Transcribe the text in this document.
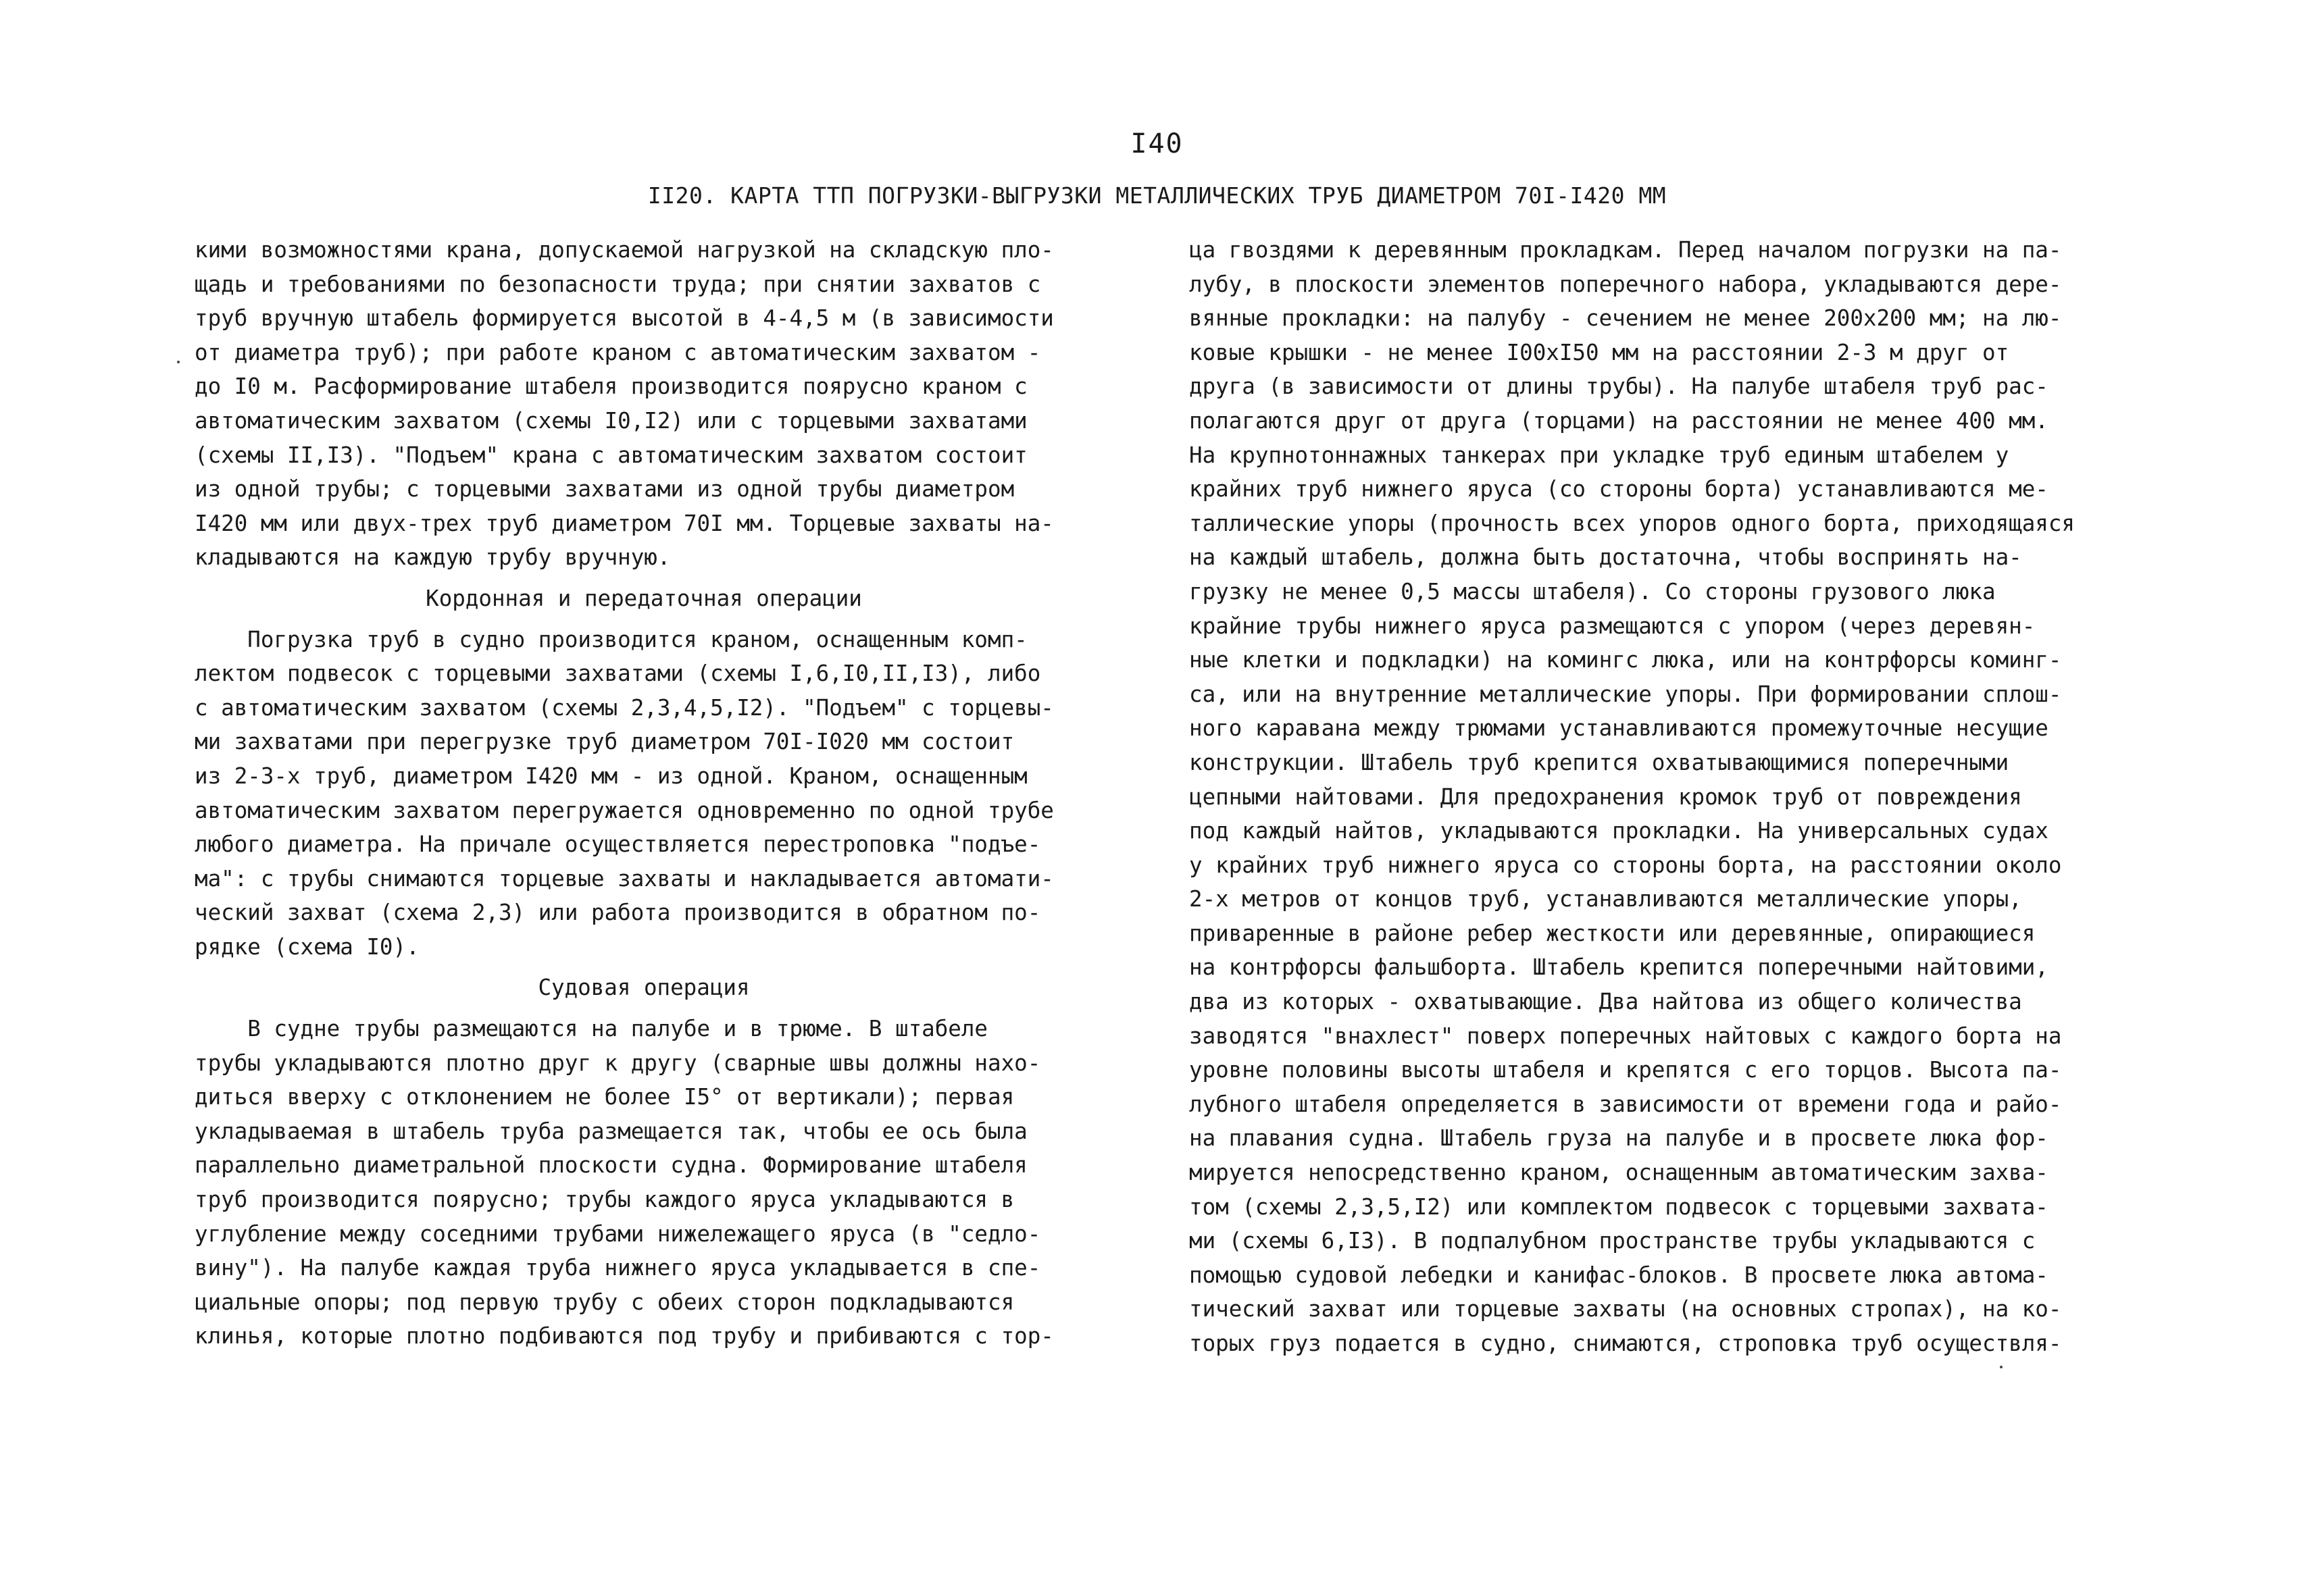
I40
II20. КАРТА ТТП ПОГРУЗКИ-ВЫГРУЗКИ МЕТАЛЛИЧЕСКИХ ТРУБ ДИАМЕТРОМ 70I-I420 ММ
кими возможностями крана, допускаемой нагрузкой на складскую пло-
щадь и требованиями по безопасности труда; при снятии захватов с
труб вручную штабель формируется высотой в 4-4,5 м (в зависимости
от диаметра труб); при работе краном с автоматическим захватом -
до I0 м. Расформирование штабеля производится поярусно краном с
автоматическим захватом (схемы I0,I2) или с торцевыми захватами
(схемы II,I3). "Подъем" крана с автоматическим захватом состоит
из одной трубы; с торцевыми захватами из одной трубы диаметром
I420 мм или двух-трех труб диаметром 70I мм. Торцевые захваты на-
кладываются на каждую трубу вручную.
Кордонная и передаточная операции
Погрузка труб в судно производится краном, оснащенным комп-
лектом подвесок с торцевыми захватами (схемы I,6,I0,II,I3), либо
с автоматическим захватом (схемы 2,3,4,5,I2). "Подъем" с торцевы-
ми захватами при перегрузке труб диаметром 70I-I020 мм состоит
из 2-3-х труб, диаметром I420 мм - из одной. Краном, оснащенным
автоматическим захватом перегружается одновременно по одной трубе
любого диаметра. На причале осуществляется перестроповка "подъе-
ма": с трубы снимаются торцевые захваты и накладывается автомати-
ческий захват (схема 2,3) или работа производится в обратном по-
рядке (схема I0).
Судовая операция
В судне трубы размещаются на палубе и в трюме. В штабеле
трубы укладываются плотно друг к другу (сварные швы должны нахо-
диться вверху с отклонением не более I5° от вертикали); первая
укладываемая в штабель труба размещается так, чтобы ее ось была
параллельно диаметральной плоскости судна. Формирование штабеля
труб производится поярусно; трубы каждого яруса укладываются в
углубление между соседними трубами нижележащего яруса (в "седло-
вину"). На палубе каждая труба нижнего яруса укладывается в спе-
циальные опоры; под первую трубу с обеих сторон подкладываются
клинья, которые плотно подбиваются под трубу и прибиваются с тор-
ца гвоздями к деревянным прокладкам. Перед началом погрузки на па-
лубу, в плоскости элементов поперечного набора, укладываются дере-
вянные прокладки: на палубу - сечением не менее 200х200 мм; на лю-
ковые крышки - не менее I00хI50 мм на расстоянии 2-3 м друг от
друга (в зависимости от длины трубы). На палубе штабеля труб рас-
полагаются друг от друга (торцами) на расстоянии не менее 400 мм.
На крупнотоннажных танкерах при укладке труб единым штабелем у
крайних труб нижнего яруса (со стороны борта) устанавливаются ме-
таллические упоры (прочность всех упоров одного борта, приходящаяся
на каждый штабель, должна быть достаточна, чтобы воспринять на-
грузку не менее 0,5 массы штабеля). Со стороны грузового люка
крайние трубы нижнего яруса размещаются с упором (через деревян-
ные клетки и подкладки) на комингс люка, или на контрфорсы коминг-
са, или на внутренние металлические упоры. При формировании сплош-
ного каравана между трюмами устанавливаются промежуточные несущие
конструкции. Штабель труб крепится охватывающимися поперечными
цепными найтовами. Для предохранения кромок труб от повреждения
под каждый найтов, укладываются прокладки. На универсальных судах
у крайних труб нижнего яруса со стороны борта, на расстоянии около
2-х метров от концов труб, устанавливаются металлические упоры,
приваренные в районе ребер жесткости или деревянные, опирающиеся
на контрфорсы фальшборта. Штабель крепится поперечными найтовими,
два из которых - охватывающие. Два найтова из общего количества
заводятся "внахлест" поверх поперечных найтовых с каждого борта на
уровне половины высоты штабеля и крепятся с его торцов. Высота па-
лубного штабеля определяется в зависимости от времени года и райо-
на плавания судна. Штабель груза на палубе и в просвете люка фор-
мируется непосредственно краном, оснащенным автоматическим захва-
том (схемы 2,3,5,I2) или комплектом подвесок с торцевыми захвата-
ми (схемы 6,I3). В подпалубном пространстве трубы укладываются с
помощью судовой лебедки и канифас-блоков. В просвете люка автома-
тический захват или торцевые захваты (на основных стропах), на ко-
торых груз подается в судно, снимаются, строповка труб осуществля-
